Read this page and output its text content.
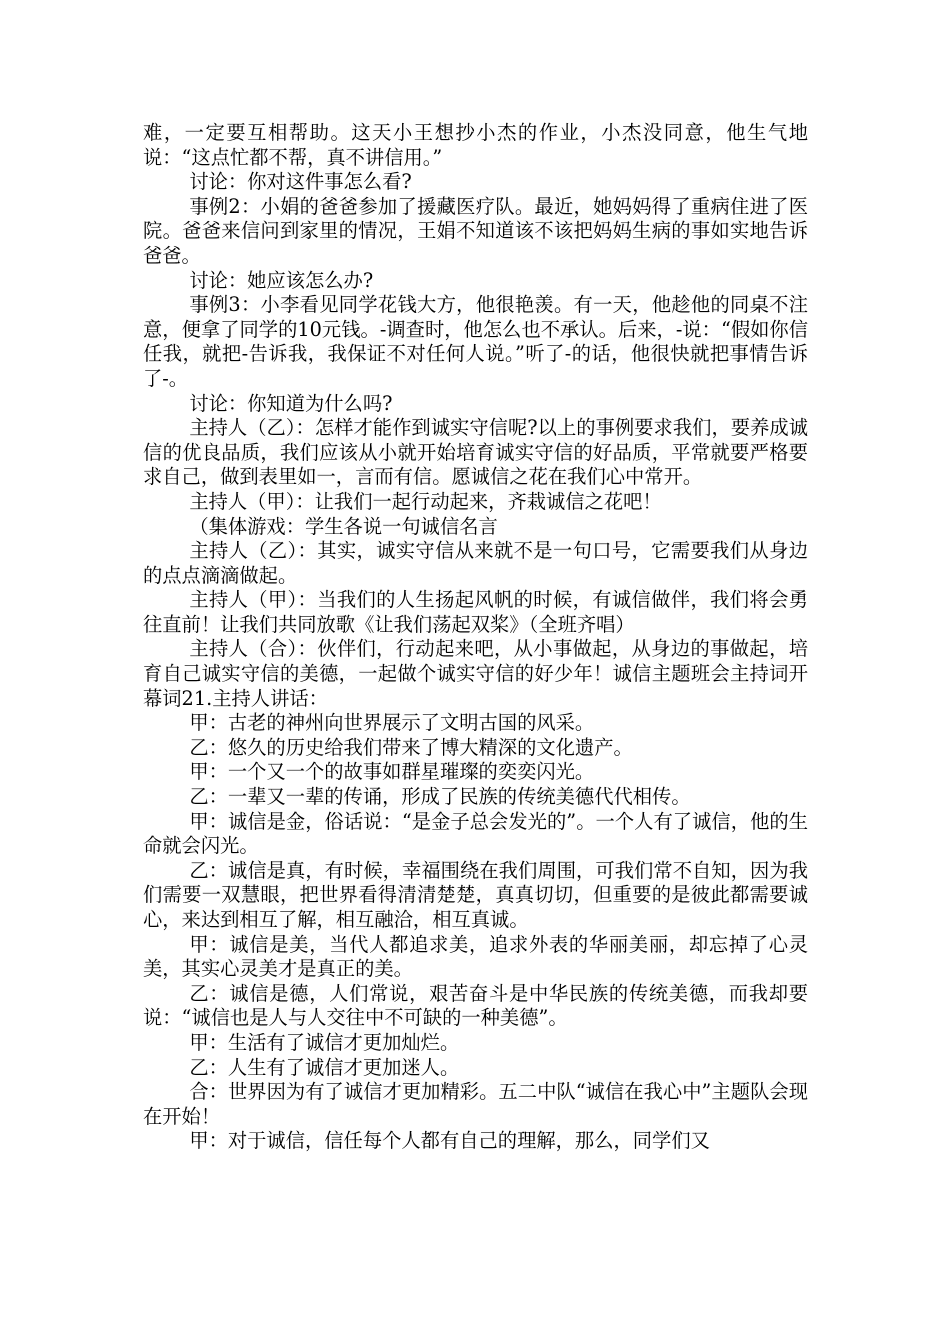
难，一定要互相帮助。这天小王想抄小杰的作业，小杰没同意，他生气地说：“这点忙都不帮，真不讲信用。”

讨论：你对这件事怎么看?

事例2：小娟的爸爸参加了援藏医疗队。最近，她妈妈得了重病住进了医院。爸爸来信问到家里的情况，王娟不知道该不该把妈妈生病的事如实地告诉爸爸。

讨论：她应该怎么办?

事例3：小李看见同学花钱大方，他很艳羡。有一天，他趁他的同桌不注意，便拿了同学的10元钱。-调查时，他怎么也不承认。后来，-说：“假如你信任我，就把-告诉我，我保证不对任何人说。”听了-的话，他很快就把事情告诉了-。

讨论：你知道为什么吗?

主持人（乙）：怎样才能作到诚实守信呢?以上的事例要求我们，要养成诚信的优良品质，我们应该从小就开始培育诚实守信的好品质，平常就要严格要求自己，做到表里如一，言而有信。愿诚信之花在我们心中常开。

主持人（甲）：让我们一起行动起来，齐栽诚信之花吧！

（集体游戏：学生各说一句诚信名言

主持人（乙）：其实，诚实守信从来就不是一句口号，它需要我们从身边的点点滴滴做起。

主持人（甲）：当我们的人生扬起风帆的时候，有诚信做伴，我们将会勇往直前！让我们共同放歌《让我们荡起双桨》（全班齐唱）

主持人（合）：伙伴们，行动起来吧，从小事做起，从身边的事做起，培育自己诚实守信的美德，一起做个诚实守信的好少年！诚信主题班会主持词开幕词21.主持人讲话：

甲：古老的神州向世界展示了文明古国的风采。

乙：悠久的历史给我们带来了博大精深的文化遗产。

甲：一个又一个的故事如群星璀璨的奕奕闪光。

乙：一辈又一辈的传诵，形成了民族的传统美德代代相传。

甲：诚信是金，俗话说：“是金子总会发光的”。一个人有了诚信，他的生命就会闪光。

乙：诚信是真，有时候，幸福围绕在我们周围，可我们常不自知，因为我们需要一双慧眼，把世界看得清清楚楚，真真切切，但重要的是彼此都需要诚心，来达到相互了解，相互融洽，相互真诚。

甲：诚信是美，当代人都追求美，追求外表的华丽美丽，却忘掉了心灵美，其实心灵美才是真正的美。

乙：诚信是德，人们常说，艰苦奋斗是中华民族的传统美德，而我却要说：“诚信也是人与人交往中不可缺的一种美德”。

甲：生活有了诚信才更加灿烂。

乙：人生有了诚信才更加迷人。

合：世界因为有了诚信才更加精彩。五二中队“诚信在我心中”主题队会现在开始！

甲：对于诚信，信任每个人都有自己的理解，那么，同学们又
